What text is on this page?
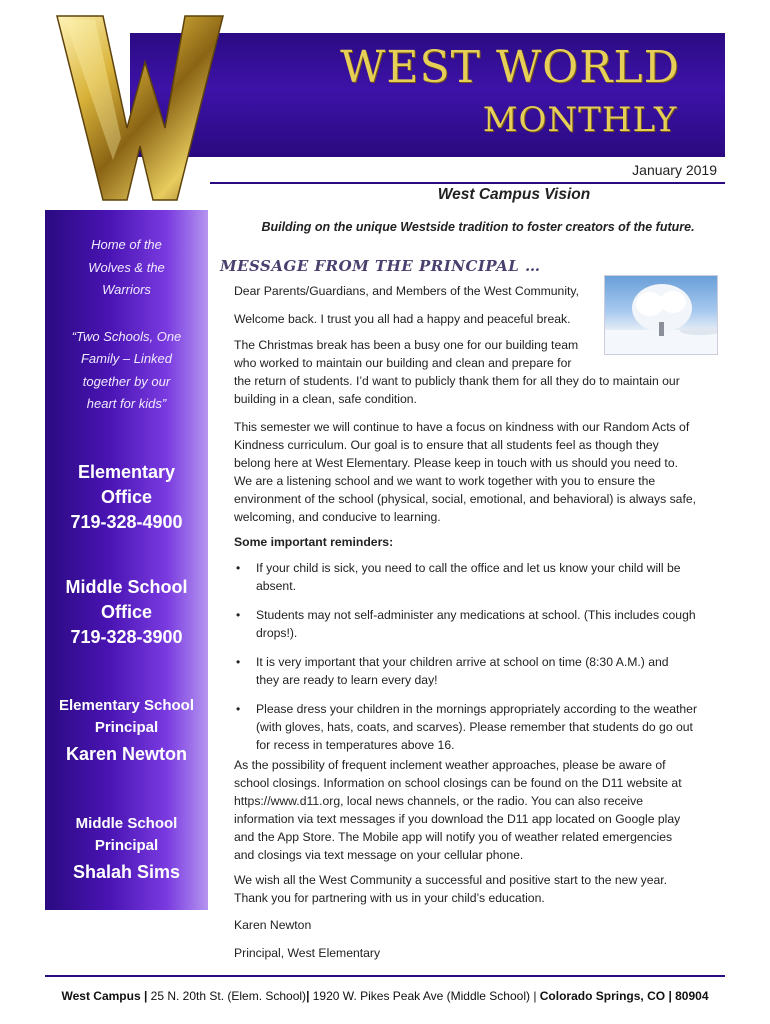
WEST WORLD
MONTHLY
January 2019
Home of the
Wolves & the
Warriors
“Two Schools, One
Family – Linked
together by our
heart for kids”
Elementary
Office
719-328-4900
Middle School
Office
719-328-3900
Elementary School
Principal
Karen Newton
Middle School
Principal
Shalah Sims
West Campus Vision
Building on the unique Westside tradition to foster creators of the future.
MESSAGE FROM THE PRINCIPAL …
Dear Parents/Guardians, and Members of the West Community,
Welcome back. I trust you all had a happy and peaceful break.
The Christmas break has been a busy one for our building team
who worked to maintain our building and clean and prepare for
the return of students. I’d want to publicly thank them for all they do to maintain our
building in a clean, safe condition.
This semester we will continue to have a focus on kindness with our Random Acts of
Kindness curriculum. Our goal is to ensure that all students feel as though they
belong here at West Elementary. Please keep in touch with us should you need to.
We are a listening school and we want to work together with you to ensure the
environment of the school (physical, social, emotional, and behavioral) is always safe,
welcoming, and conducive to learning.
Some important reminders:
• If your child is sick, you need to call the office and let us know your child will be
absent.
• Students may not self-administer any medications at school. (This includes cough
drops!).
• It is very important that your children arrive at school on time (8:30 A.M.) and
they are ready to learn every day!
• Please dress your children in the mornings appropriately according to the weather
(with gloves, hats, coats, and scarves). Please remember that students do go out
for recess in temperatures above 16.
As the possibility of frequent inclement weather approaches, please be aware of
school closings. Information on school closings can be found on the D11 website at
https://www.d11.org, local news channels, or the radio. You can also receive
information via text messages if you download the D11 app located on Google play
and the App Store. The Mobile app will notify you of weather related emergencies
and closings via text message on your cellular phone.
We wish all the West Community a successful and positive start to the new year.
Thank you for partnering with us in your child’s education.
Karen Newton
Principal, West Elementary
West Campus | 25 N. 20th St. (Elem. School)| 1920 W. Pikes Peak Ave (Middle School) | Colorado Springs, CO | 80904
